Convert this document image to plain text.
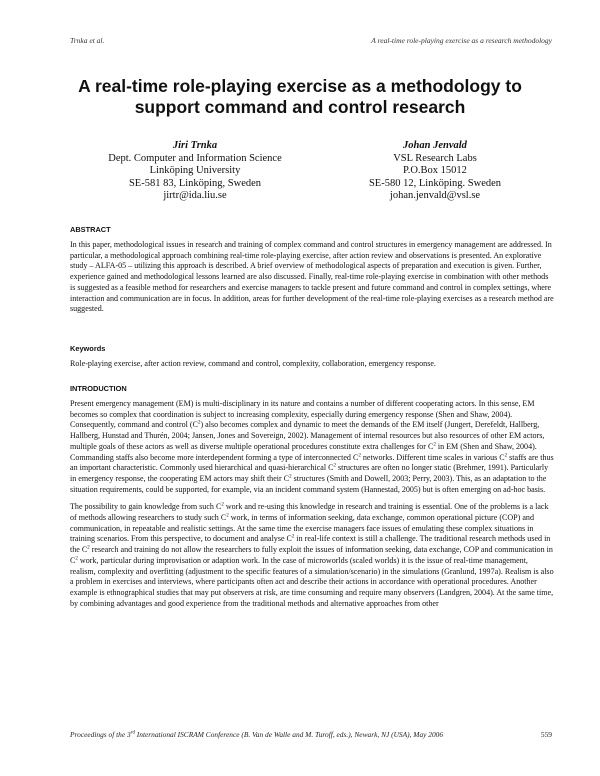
Trnka et al.	A real-time role-playing exercise as a research methodology
A real-time role-playing exercise as a methodology to
support command and control research
Jiri Trnka
Dept. Computer and Information Science
Linköping University
SE-581 83, Linköping, Sweden
jirtr@ida.liu.se
Johan Jenvald
VSL Research Labs
P.O.Box 15012
SE-580 12, Linköping. Sweden
johan.jenvald@vsl.se
ABSTRACT

In this paper, methodological issues in research and training of complex command and control structures in emergency management are addressed. In particular, a methodological approach combining real-time role-playing exercise, after action review and observations is presented. An explorative study – ALFA-05 – utilizing this approach is described. A brief overview of methodological aspects of preparation and execution is given. Further, experience gained and methodological lessons learned are also discussed. Finally, real-time role-playing exercise in combination with other methods is suggested as a feasible method for researchers and exercise managers to tackle present and future command and control in complex settings, where interaction and communication are in focus. In addition, areas for further development of the real-time role-playing exercises as a research method are suggested.

Keywords

Role-playing exercise, after action review, command and control, complexity, collaboration, emergency response.

INTRODUCTION

Present emergency management (EM) is multi-disciplinary in its nature and contains a number of different cooperating actors. In this sense, EM becomes so complex that coordination is subject to increasing complexity, especially during emergency response (Shen and Shaw, 2004). Consequently, command and control $(C^2)$ also becomes complex and dynamic to meet the demands of the EM itself (Jungert, Derefeldt, Hallberg, Hallberg, Hunstad and Thurén, 2004; Jansen, Jones and Sovereign, 2002). Management of internal resources but also resources of other EM actors, multiple goals of these actors as well as diverse multiple operational procedures constitute extra challenges for $C^2$ in EM (Shen and Shaw, 2004). Commanding staffs also become more interdependent forming a type of interconnected $C^2$ networks. Different time scales in various $C^2$ staffs are thus an important characteristic. Commonly used hierarchical and quasi-hierarchical $C^2$ structures are often no longer static (Brehmer, 1991). Particularly in emergency response, the cooperating EM actors may shift their $C^2$ structures (Smith and Dowell, 2003; Perry, 2003). This, as an adaptation to the situation requirements, could be supported, for example, via an incident command system (Hannestad, 2005) but is often emerging on ad-hoc basis.

The possibility to gain knowledge from such $C^2$ work and re-using this knowledge in research and training is essential. One of the problems is a lack of methods allowing researchers to study such $C^2$ work, in terms of information seeking, data exchange, common operational picture (COP) and communication, in repeatable and realistic settings. At the same time the exercise managers face issues of emulating these complex situations in training scenarios. From this perspective, to document and analyse $C^2$ in real-life context is still a challenge. The traditional research methods used in the $C^2$ research and training do not allow the researchers to fully exploit the issues of information seeking, data exchange, COP and communication in $C^2$ work, particular during improvisation or adaption work. In the case of microworlds (scaled worlds) it is the issue of real-time management, realism, complexity and overfitting (adjustment to the specific features of a simulation/scenario) in the simulations (Granlund, 1997a). Realism is also a problem in exercises and interviews, where participants often act and describe their actions in accordance with operational procedures. Another example is ethnographical studies that may put observers at risk, are time consuming and require many observers (Landgren, 2004). At the same time, by combining advantages and good experience from the traditional methods and alternative approaches from other

Proceedings of the 3rd International ISCRAM Conference (B. Van de Walle and M. Turoff, eds.), Newark, NJ (USA), May 2006	559
